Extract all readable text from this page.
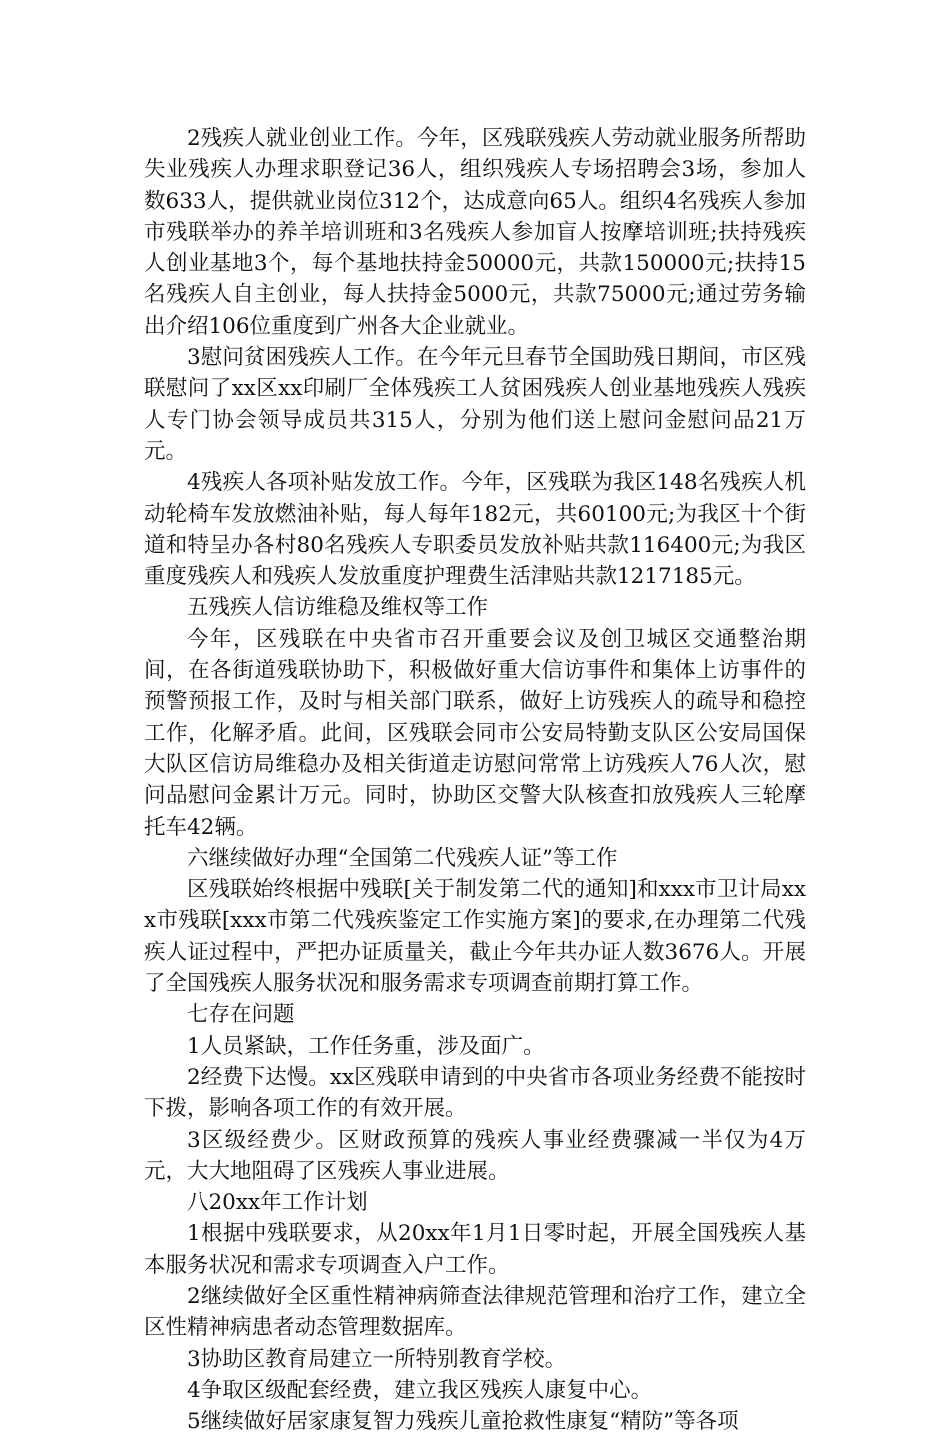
2残疾人就业创业工作。今年，区残联残疾人劳动就业服务所帮助失业残疾人办理求职登记36人，组织残疾人专场招聘会3场，参加人数633人，提供就业岗位312个，达成意向65人。组织4名残疾人参加市残联举办的养羊培训班和3名残疾人参加盲人按摩培训班;扶持残疾人创业基地3个，每个基地扶持金50000元，共款150000元;扶持15名残疾人自主创业，每人扶持金5000元，共款75000元;通过劳务输出介绍106位重度到广州各大企业就业。

3慰问贫困残疾人工作。在今年元旦春节全国助残日期间，市区残联慰问了xx区xx印刷厂全体残疾工人贫困残疾人创业基地残疾人残疾人专门协会领导成员共315人，分别为他们送上慰问金慰问品21万元。

4残疾人各项补贴发放工作。今年，区残联为我区148名残疾人机动轮椅车发放燃油补贴，每人每年182元，共60100元;为我区十个街道和特呈办各村80名残疾人专职委员发放补贴共款116400元;为我区重度残疾人和残疾人发放重度护理费生活津贴共款1217185元。

五残疾人信访维稳及维权等工作

今年，区残联在中央省市召开重要会议及创卫城区交通整治期间，在各街道残联协助下，积极做好重大信访事件和集体上访事件的预警预报工作，及时与相关部门联系，做好上访残疾人的疏导和稳控工作，化解矛盾。此间，区残联会同市公安局特勤支队区公安局国保大队区信访局维稳办及相关街道走访慰问常常上访残疾人76人次，慰问品慰问金累计万元。同时，协助区交警大队核查扣放残疾人三轮摩托车42辆。

六继续做好办理“全国第二代残疾人证”等工作

区残联始终根据中残联[关于制发第二代的通知]和xxx市卫计局xxx市残联[xxx市第二代残疾鉴定工作实施方案]的要求,在办理第二代残疾人证过程中，严把办证质量关，截止今年共办证人数3676人。开展了全国残疾人服务状况和服务需求专项调查前期打算工作。

七存在问题

1人员紧缺，工作任务重，涉及面广。

2经费下达慢。xx区残联申请到的中央省市各项业务经费不能按时下拨，影响各项工作的有效开展。

3区级经费少。区财政预算的残疾人事业经费骤减一半仅为4万元，大大地阻碍了区残疾人事业进展。

八20xx年工作计划

1根据中残联要求，从20xx年1月1日零时起，开展全国残疾人基本服务状况和需求专项调查入户工作。

2继续做好全区重性精神病筛查法律规范管理和治疗工作，建立全区性精神病患者动态管理数据库。

3协助区教育局建立一所特别教育学校。

4争取区级配套经费，建立我区残疾人康复中心。

5继续做好居家康复智力残疾儿童抢救性康复“精防”等各项
